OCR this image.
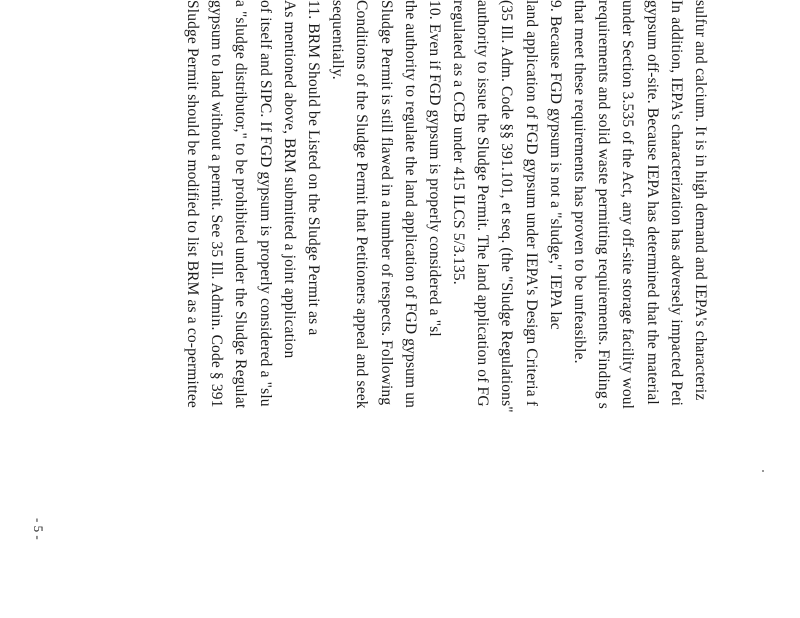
sulfur and calcium. It is in high demand and IEPA's characteriz
In addition, IEPA's characterization has adversely impacted Peti
gypsum off-site. Because IEPA has determined that the material
under Section 3.535 of the Act, any off-site storage facility woul
requirements and solid waste permitting requirements. Finding s
that meet these requirements has proven to be unfeasible.
9. Because FGD gypsum is not a "sludge," IEPA lac
land application of FGD gypsum under IEPA's Design Criteria f
(35 Ill. Adm. Code §§ 391.101, et seq. (the "Sludge Regulations"
authority to issue the Sludge Permit. The land application of FG
regulated as a CCB under 415 ILCS 5/3.135.
10. Even if FGD gypsum is properly considered a "sl
the authority to regulate the land application of FGD gypsum un
Sludge Permit is still flawed in a number of respects. Following
Conditions of the Sludge Permit that Petitioners appeal and seek
sequentially.
11. BRM Should be Listed on the Sludge Permit as a
As mentioned above, BRM submitted a joint application
of itself and SIPC. If FGD gypsum is properly considered a "slu
a "sludge distributor," to be prohibited under the Sludge Regulat
gypsum to land without a permit. See 35 Ill. Admin. Code § 391
Sludge Permit should be modified to list BRM as a co-permittee
- 5 -
